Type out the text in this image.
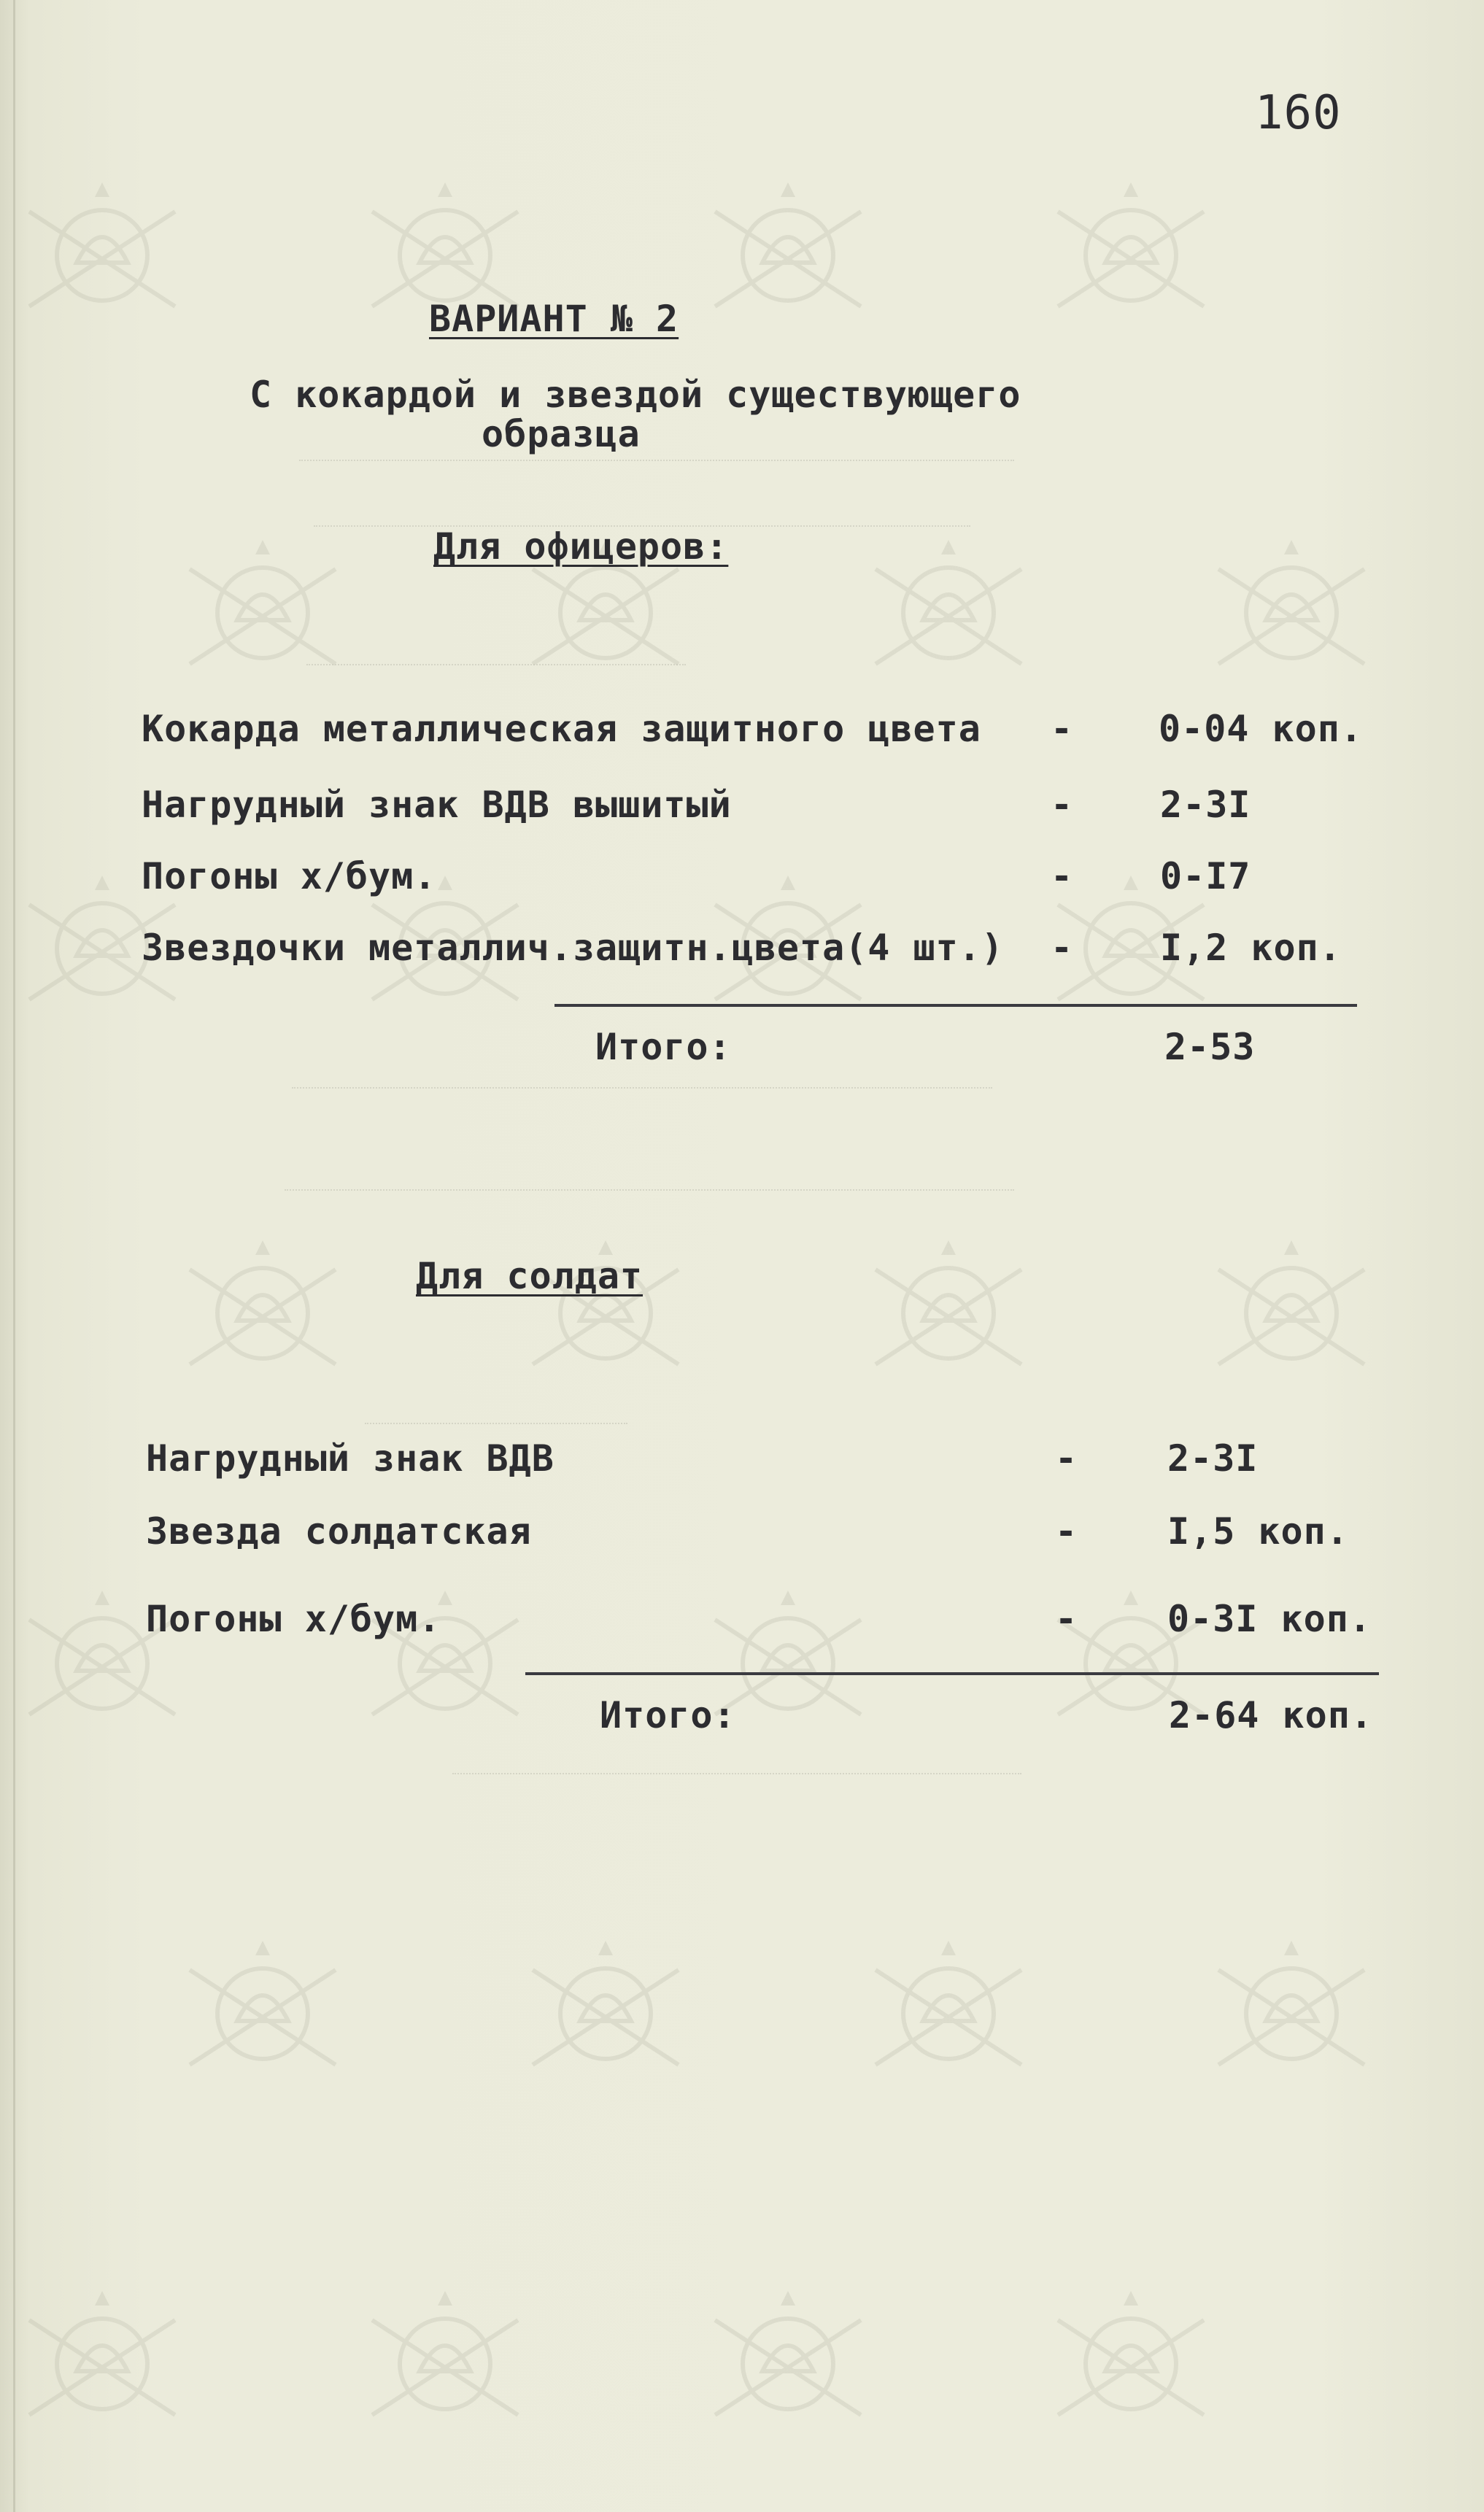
160
ВАРИАНТ № 2
С кокардой и звездой существующего
образца
Для офицеров:
Кокарда металлическая защитного цвета - 0-04 коп.
Нагрудный знак ВДВ вышитый	- 2-3I
Погоны х/бум.	- 0-I7
Звездочки металлич.защитн.цвета(4 шт.) - I,2 коп.
Итого:	2-53
Для солдат
Нагрудный знак ВДВ	- 2-3I
Звезда солдатская	- I,5 коп.
Погоны х/бум.	- 0-3I коп.
Итого:	2-64 коп.
